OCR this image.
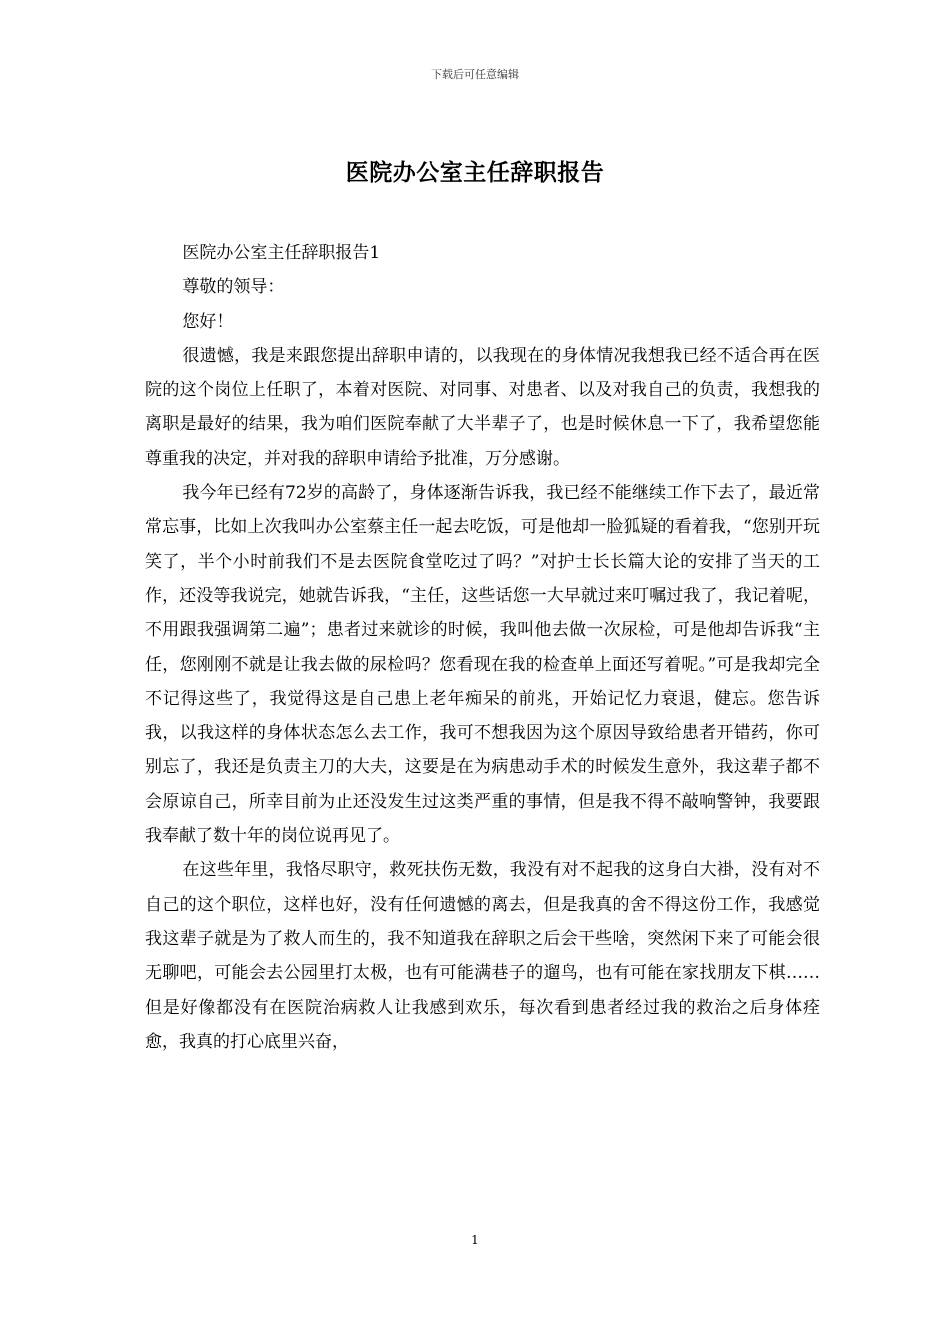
下载后可任意编辑
医院办公室主任辞职报告

医院办公室主任辞职报告1

尊敬的领导：

您好！

很遗憾，我是来跟您提出辞职申请的，以我现在的身体情况我想我已经不适合再在医院的这个岗位上任职了，本着对医院、对同事、对患者、以及对我自己的负责，我想我的离职是最好的结果，我为咱们医院奉献了大半辈子了，也是时候休息一下了，我希望您能尊重我的决定，并对我的辞职申请给予批准，万分感谢。

我今年已经有72岁的高龄了，身体逐渐告诉我，我已经不能继续工作下去了，最近常常忘事，比如上次我叫办公室蔡主任一起去吃饭，可是他却一脸狐疑的看着我，“您别开玩笑了，半个小时前我们不是去医院食堂吃过了吗？”对护士长长篇大论的安排了当天的工作，还没等我说完，她就告诉我，“主任，这些话您一大早就过来叮嘱过我了，我记着呢，不用跟我强调第二遍”；患者过来就诊的时候，我叫他去做一次尿检，可是他却告诉我“主任，您刚刚不就是让我去做的尿检吗？您看现在我的检查单上面还写着呢。”可是我却完全不记得这些了，我觉得这是自己患上老年痴呆的前兆，开始记忆力衰退，健忘。您告诉我，以我这样的身体状态怎么去工作，我可不想我因为这个原因导致给患者开错药，你可别忘了，我还是负责主刀的大夫，这要是在为病患动手术的时候发生意外，我这辈子都不会原谅自己，所幸目前为止还没发生过这类严重的事情，但是我不得不敲响警钟，我要跟我奉献了数十年的岗位说再见了。

在这些年里，我恪尽职守，救死扶伤无数，我没有对不起我的这身白大褂，没有对不自己的这个职位，这样也好，没有任何遗憾的离去，但是我真的舍不得这份工作，我感觉我这辈子就是为了救人而生的，我不知道我在辞职之后会干些啥，突然闲下来了可能会很无聊吧，可能会去公园里打太极，也有可能满巷子的遛鸟，也有可能在家找朋友下棋……但是好像都没有在医院治病救人让我感到欢乐，每次看到患者经过我的救治之后身体痊愈，我真的打心底里兴奋，

1
